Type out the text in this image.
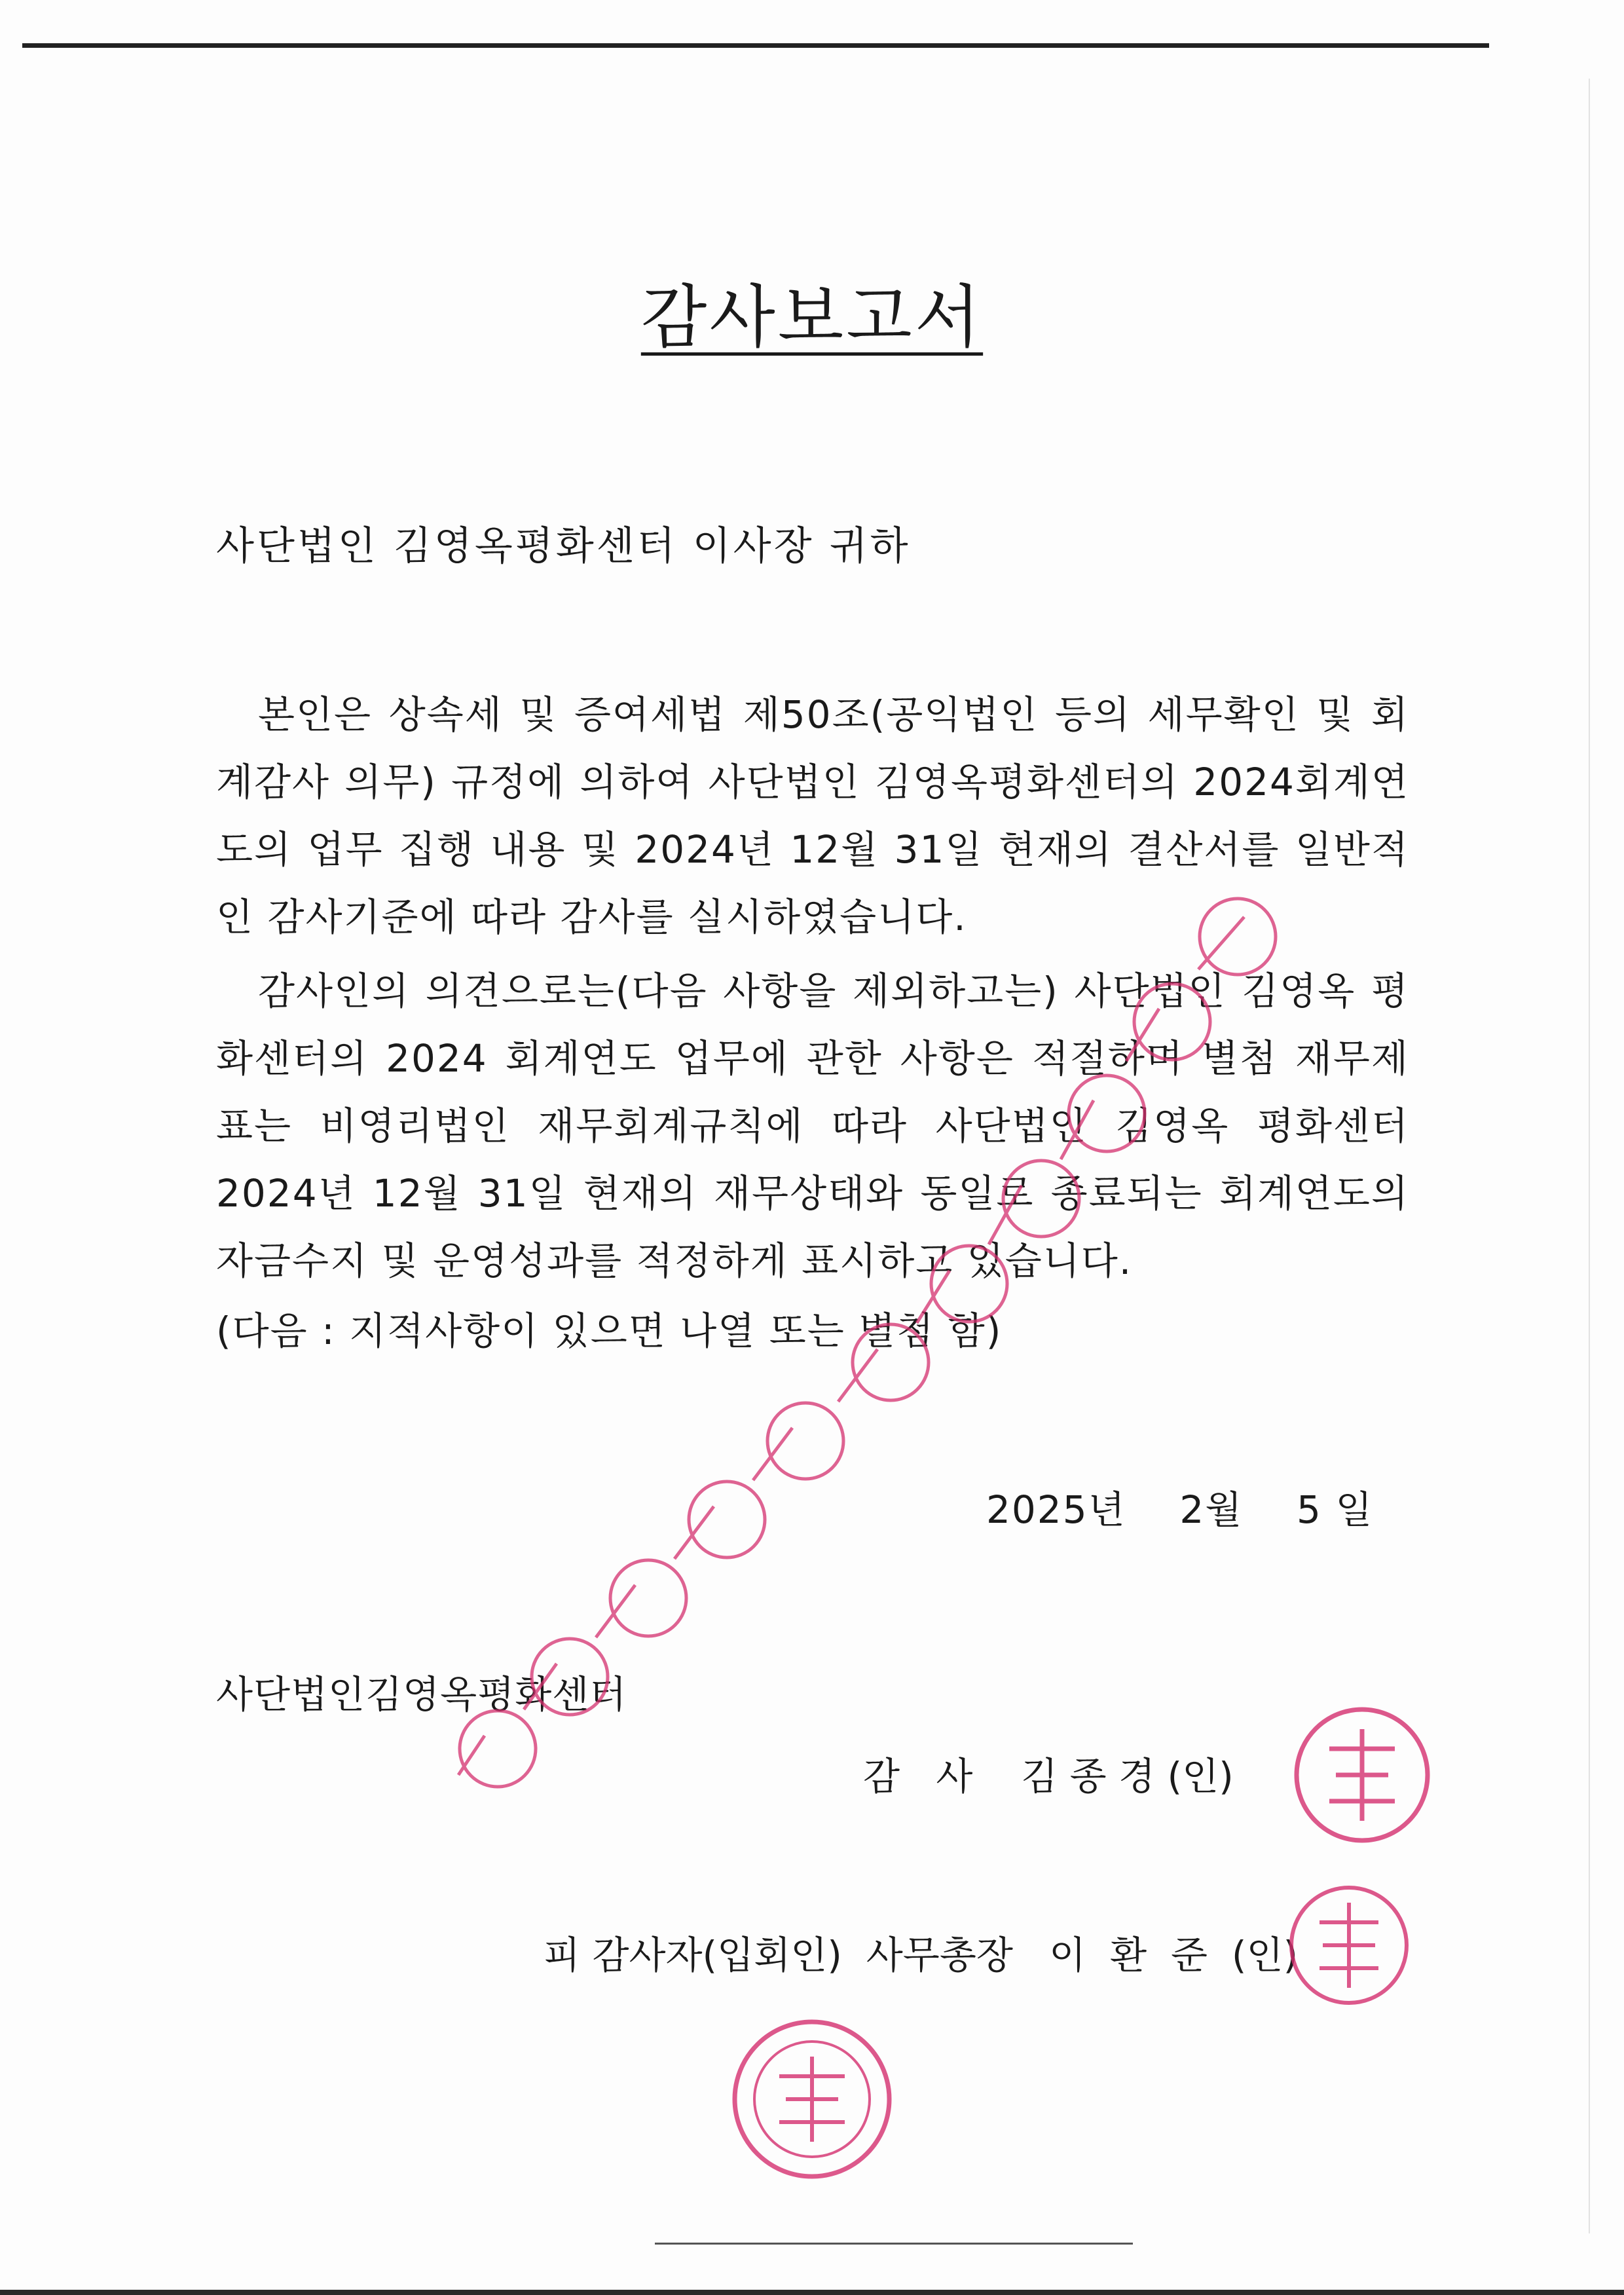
감사보고서
사단법인 김영옥평화센터 이사장 귀하

본인은 상속세 및 증여세법 제50조(공익법인 등의 세무확인 및 회계감사 의무) 규정에 의하여 사단법인 김영옥평화센터의 2024회계연도의 업무 집행 내용 및 2024년 12월 31일 현재의 결산서를 일반적인 감사기준에 따라 감사를 실시하였습니다.

감사인의 의견으로는(다음 사항을 제외하고는) 사단법인 김영옥 평화센터의 2024 회계연도 업무에 관한 사항은 적절하며 별첨 재무제표는 비영리법인 재무회계규칙에 따라 사단법인 김영옥 평화센터 2024년 12월 31일 현재의 재무상태와 동일로 종료되는 회계연도의 자금수지 및 운영성과를 적정하게 표시하고 있습니다.

(다음 : 지적사항이 있으면 나열 또는 별첨 함)
2025년    2월    5 일
사단법인김영옥평화센터
감   사    김 종 경 (인)
피 감사자(입회인)  사무총장   이  환  준  (인)
